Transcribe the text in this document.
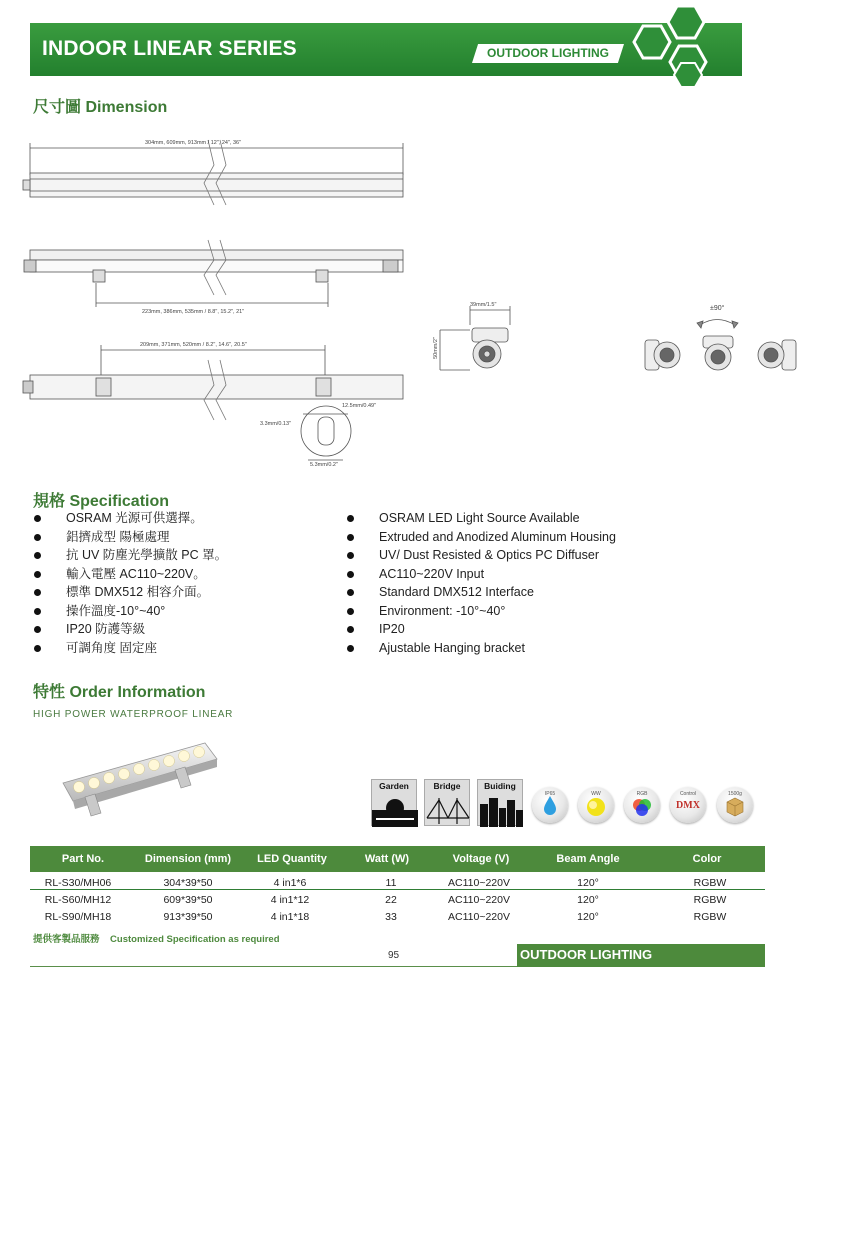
INDOOR LINEAR SERIES	OUTDOOR LIGHTING
尺寸圖 Dimension
304mm, 609mm, 913mm / 12", 24", 36"
223mm, 386mm, 535mm / 8.8", 15.2", 21"
209mm, 371mm, 520mm / 8.2", 14.6", 20.5"
12.5mm/0.49"
3.3mm/0.13"
5.3mm/0.2"
39mm/1.5"
50mm/2"
±90°
規格 Specification
OSRAM 光源可供選擇。
鋁擠成型 陽極處理
抗 UV 防塵光學擴散 PC 罩。
輸入電壓 AC110~220V。
標準 DMX512 相容介面。
操作溫度-10°~40°
IP20 防護等級
可調角度 固定座
OSRAM LED Light Source Available
Extruded and Anodized Aluminum Housing
UV/ Dust Resisted & Optics PC Diffuser
AC110~220V Input
Standard DMX512 Interface
Environment: -10°~40°
IP20
Ajustable Hanging bracket
特性 Order Information
HIGH POWER WATERPROOF LINEAR
Garden	Bridge	Buiding
IP65	WW	RGB	Control
DMX
1500g
Part No.	Dimension (mm)	LED Quantity	Watt (W)	Voltage (V)	Beam Angle	Color
RL-S30/MH06	304*39*50	4 in1*6	11	AC110~220V	120°	RGBW
RL-S60/MH12	609*39*50	4 in1*12	22	AC110~220V	120°	RGBW
RL-S90/MH18	913*39*50	4 in1*18	33	AC110~220V	120°	RGBW
提供客製品服務    Customized Specification as required
95	OUTDOOR LIGHTING
